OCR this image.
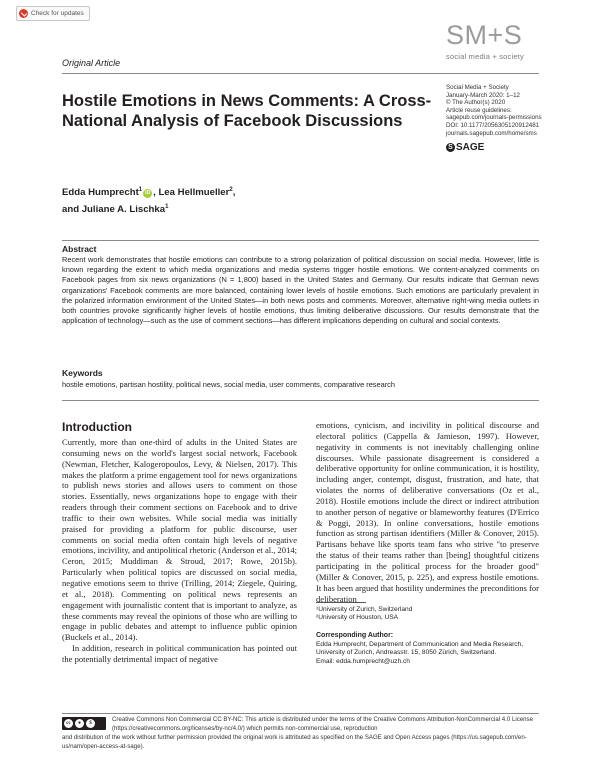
Check for updates
Original Article
SM+S
social media + society
Social Media + Society
January-March 2020: 1–12
© The Author(s) 2020
Article reuse guidelines:
sagepub.com/journals-permissions
DOI: 10.1177/2056305120912481
journals.sagepub.com/home/sms
S SAGE
Hostile Emotions in News Comments: A Cross-National Analysis of Facebook Discussions
Edda Humprecht$^1$iD , Lea Hellmueller$^2$,
and Juliane A. Lischka$^1$
Abstract
Recent work demonstrates that hostile emotions can contribute to a strong polarization of political discussion on social media. However, little is known regarding the extent to which media organizations and media systems trigger hostile emotions. We content-analyzed comments on Facebook pages from six news organizations (N = 1,800) based in the United States and Germany. Our results indicate that German news organizations' Facebook comments are more balanced, containing lower levels of hostile emotions. Such emotions are particularly prevalent in the polarized information environment of the United States—in both news posts and comments. Moreover, alternative right-wing media outlets in both countries provoke significantly higher levels of hostile emotions, thus limiting deliberative discussions. Our results demonstrate that the application of technology—such as the use of comment sections—has different implications depending on cultural and social contexts.
Keywords
hostile emotions, partisan hostility, political news, social media, user comments, comparative research
Introduction

Currently, more than one-third of adults in the United States are consuming news on the world's largest social network, Facebook (Newman, Fletcher, Kalogeropoulos, Levy, & Nielsen, 2017). This makes the platform a prime engagement tool for news organizations to publish news stories and allows users to comment on those stories. Essentially, news organizations hope to engage with their readers through their comment sections on Facebook and to drive traffic to their own websites. While social media was initially praised for providing a platform for public discourse, user comments on social media often contain high levels of negative emotions, incivility, and antipolitical rhetoric (Anderson et al., 2014; Ceron, 2015; Muddiman & Stroud, 2017; Rowe, 2015b). Particularly when political topics are discussed on social media, negative emotions seem to thrive (Trilling, 2014; Ziegele, Quiring, et al., 2018). Commenting on political news represents an engagement with journalistic content that is important to analyze, as these comments may reveal the opinions of those who are willing to engage in public debates and attempt to influence public opinion (Buckels et al., 2014).

In addition, research in political communication has pointed out the potentially detrimental impact of negative

emotions, cynicism, and incivility in political discourse and electoral politics (Cappella & Jamieson, 1997). However, negativity in comments is not inevitably challenging online discourses. While passionate disagreement is considered a deliberative opportunity for online communication, it is hostility, including anger, contempt, disgust, frustration, and hate, that violates the norms of deliberative conversations (Oz et al., 2018). Hostile emotions include the direct or indirect attribution to another person of negative or blameworthy features (D'Errico & Poggi, 2013). In online conversations, hostile emotions function as strong partisan identifiers (Miller & Conover, 2015). Partisans behave like sports team fans who strive "to preserve the status of their teams rather than [being] thoughtful citizens participating in the political process for the broader good" (Miller & Conover, 2015, p. 225), and express hostile emotions. It has been argued that hostility undermines the preconditions for deliberation

¹University of Zurich, Switzerland
²University of Houston, USA
Corresponding Author:
Edda Humprecht, Department of Communication and Media Research,
University of Zurich, Andreasstr. 15, 8050 Zürich, Switzerland.
Email: edda.humprecht@uzh.ch
cc	●	$
Creative Commons Non Commercial CC BY-NC: This article is distributed under the terms of the Creative Commons Attribution-NonCommercial 4.0 License (https://creativecommons.org/licenses/by-nc/4.0/) which permits non-commercial use, reproduction
and distribution of the work without further permission provided the original work is attributed as specified on the SAGE and Open Access pages (https://us.sagepub.com/en-us/nam/open-access-at-sage).
